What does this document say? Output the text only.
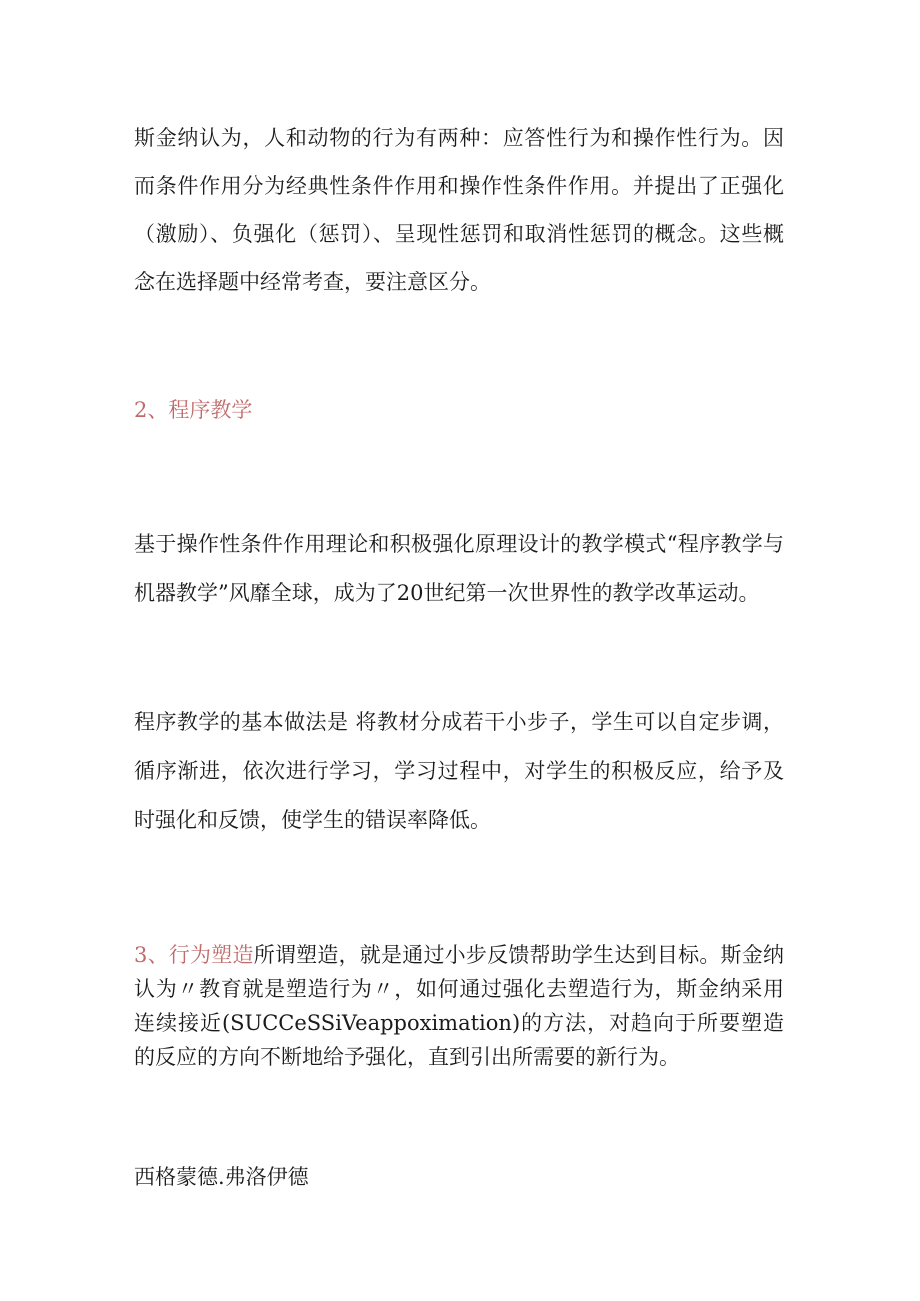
斯金纳认为，人和动物的行为有两种：应答性行为和操作性行为。因而条件作用分为经典性条件作用和操作性条件作用。并提出了正强化（激励）、负强化（惩罚）、呈现性惩罚和取消性惩罚的概念。这些概念在选择题中经常考查，要注意区分。

2、程序教学

基于操作性条件作用理论和积极强化原理设计的教学模式“程序教学与机器教学”风靡全球，成为了20世纪第一次世界性的教学改革运动。

程序教学的基本做法是 将教材分成若干小步子，学生可以自定步调，循序渐进，依次进行学习，学习过程中，对学生的积极反应，给予及时强化和反馈，使学生的错误率降低。

3、行为塑造所谓塑造，就是通过小步反馈帮助学生达到目标。斯金纳认为〃教育就是塑造行为〃，如何通过强化去塑造行为，斯金纳采用连续接近(SUCCeSSiVeappoximation)的方法，对趋向于所要塑造的反应的方向不断地给予强化，直到引出所需要的新行为。

西格蒙德.弗洛伊德
